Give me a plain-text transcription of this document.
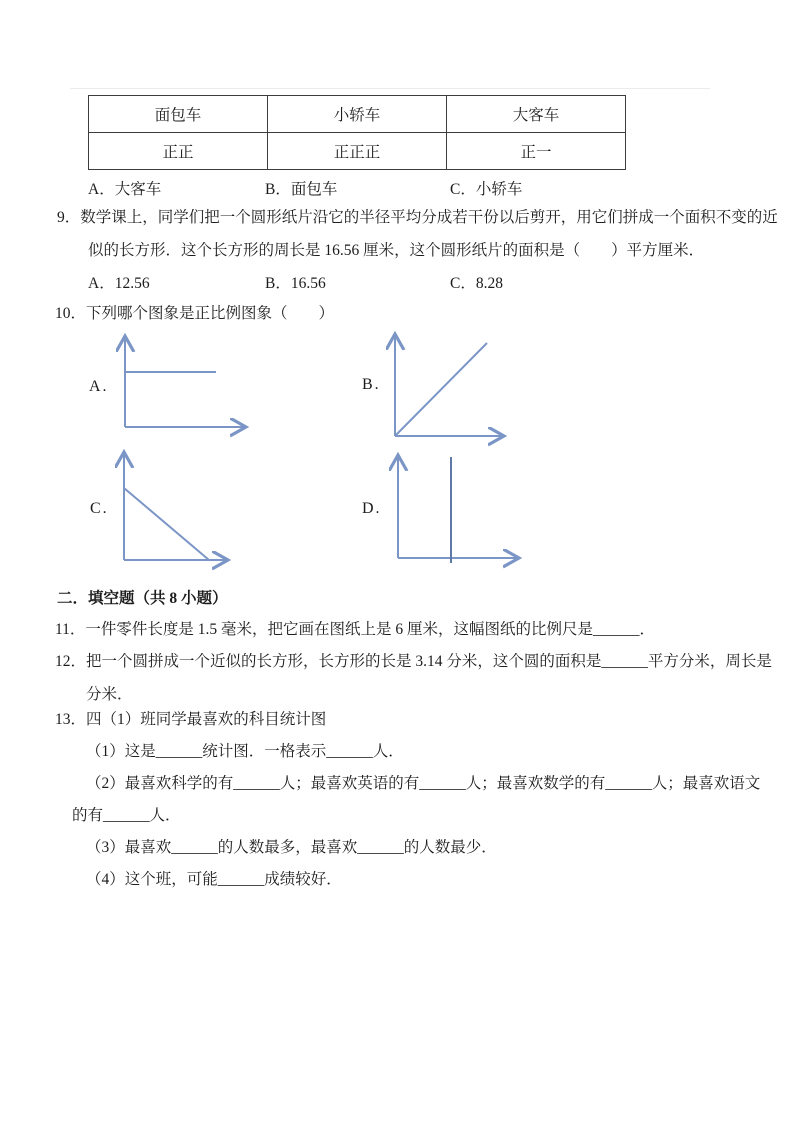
面包车	小轿车	大客车
正正	正正正	正一
A．大客车	B．面包车	C．小轿车
9．数学课上，同学们把一个圆形纸片沿它的半径平均分成若干份以后剪开，用它们拼成一个面积不变的近
似的长方形．这个长方形的周长是 16.56 厘米，这个圆形纸片的面积是（　　）平方厘米．
A．12.56	B．16.56	C．8.28
10．下列哪个图象是正比例图象（　　）
A.	B.
C.	D.
二．填空题（共 8 小题）
11．一件零件长度是 1.5 毫米，把它画在图纸上是 6 厘米，这幅图纸的比例尺是______．
12．把一个圆拼成一个近似的长方形，长方形的长是 3.14 分米，这个圆的面积是______平方分米，周长是
分米．
13．四（1）班同学最喜欢的科目统计图
（1）这是______统计图．一格表示______人．
（2）最喜欢科学的有______人；最喜欢英语的有______人；最喜欢数学的有______人；最喜欢语文
的有______人．
（3）最喜欢______的人数最多，最喜欢______的人数最少．
（4）这个班，可能______成绩较好．
